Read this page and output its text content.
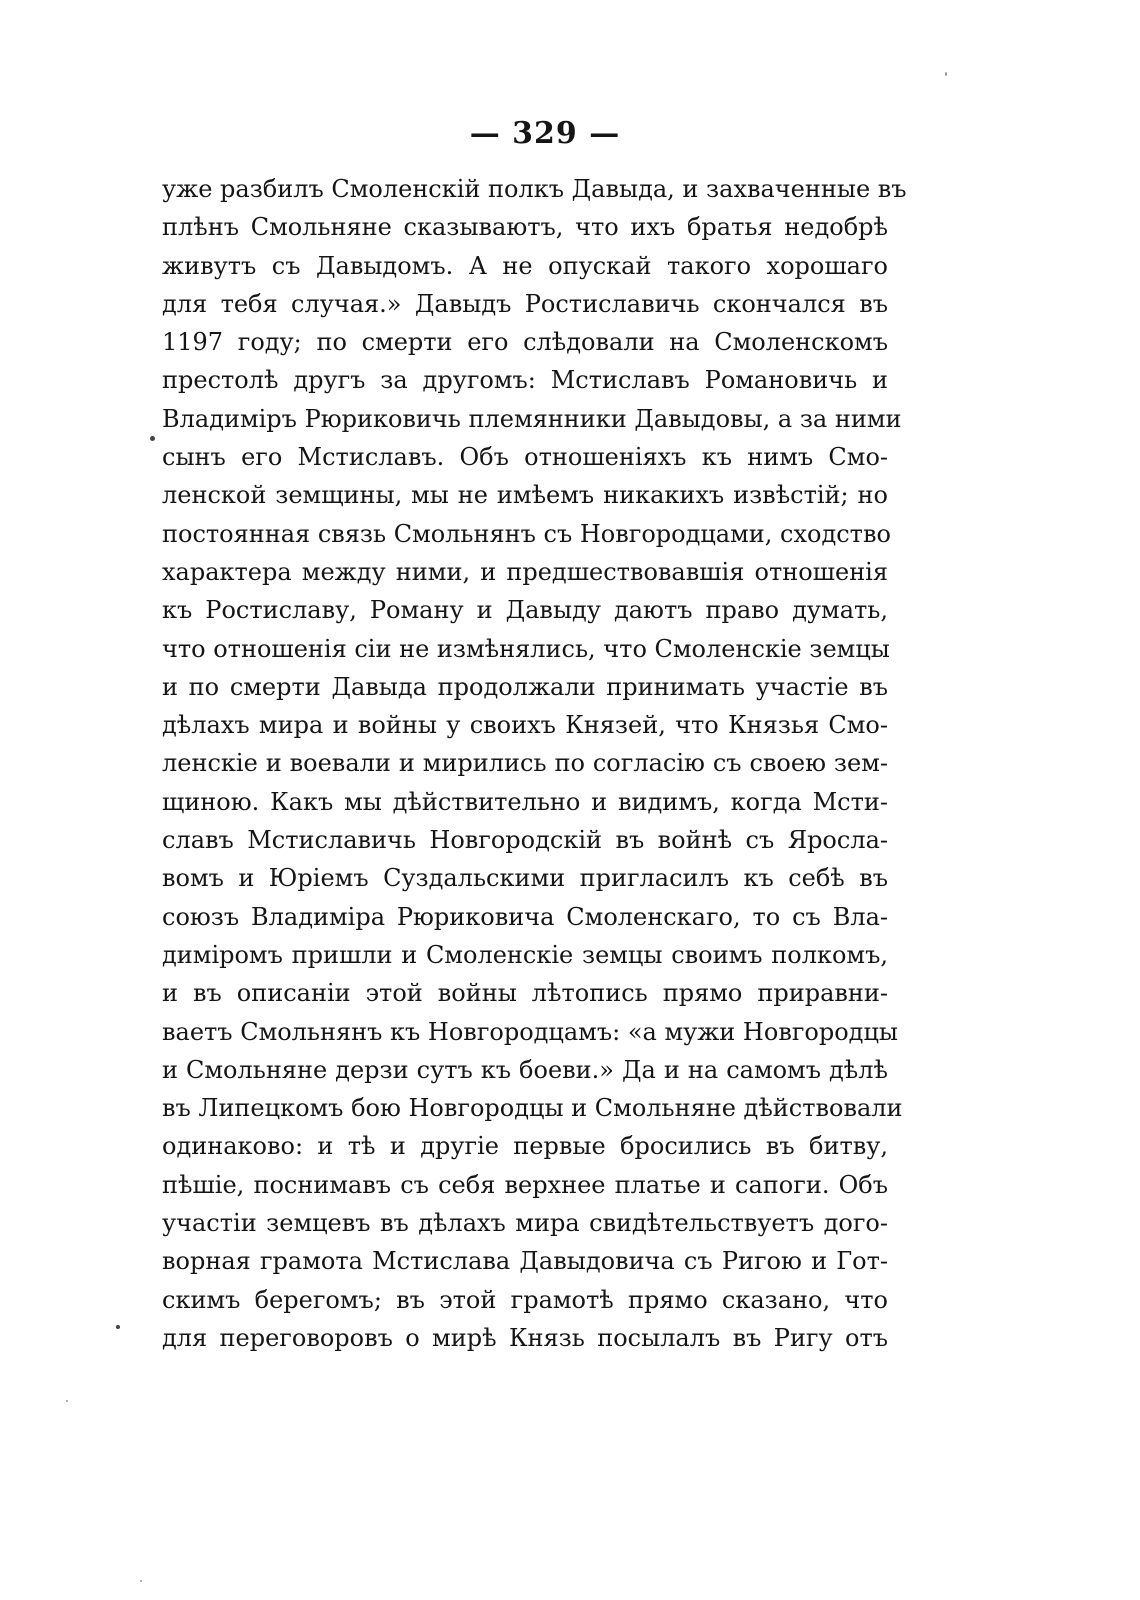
— 329 —
уже разбилъ Смоленскій полкъ Давыда, и захваченные въ
плѣнъ Смольняне сказываютъ, что ихъ братья недобрѣ
живутъ съ Давыдомъ. А не опускай такого хорошаго
для тебя случая.» Давыдъ Ростиславичь скончался въ
1197 году; по смерти его слѣдовали на Смоленскомъ
престолѣ другъ за другомъ: Мстиславъ Романовичь и
Владиміръ Рюриковичь племянники Давыдовы, а за ними
сынъ его Мстиславъ. Объ отношеніяхъ къ нимъ Смо-
ленской земщины, мы не имѣемъ никакихъ извѣстій; но
постоянная связь Смольнянъ съ Новгородцами, сходство
характера между ними, и предшествовавшія отношенія
къ Ростиславу, Роману и Давыду даютъ право думать,
что отношенія сіи не измѣнялись, что Смоленскіе земцы
и по смерти Давыда продолжали принимать участіе въ
дѣлахъ мира и войны у своихъ Князей, что Князья Смо-
ленскіе и воевали и мирились по согласію съ своею зем-
щиною. Какъ мы дѣйствительно и видимъ, когда Мсти-
славъ Мстиславичь Новгородскій въ войнѣ съ Яросла-
вомъ и Юріемъ Суздальскими пригласилъ къ себѣ въ
союзъ Владиміра Рюриковича Смоленскаго, то съ Вла-
диміромъ пришли и Смоленскіе земцы своимъ полкомъ,
и въ описаніи этой войны лѣтопись прямо приравни-
ваетъ Смольнянъ къ Новгородцамъ: «а мужи Новгородцы
и Смольняне дерзи сутъ къ боеви.» Да и на самомъ дѣлѣ
въ Липецкомъ бою Новгородцы и Смольняне дѣйствовали
одинаково: и тѣ и другіе первые бросились въ битву,
пѣшіе, поснимавъ съ себя верхнее платье и сапоги. Объ
участіи земцевъ въ дѣлахъ мира свидѣтельствуетъ дого-
ворная грамота Мстислава Давыдовича съ Ригою и Гот-
скимъ берегомъ; въ этой грамотѣ прямо сказано, что
для переговоровъ о мирѣ Князь посылалъ въ Ригу отъ
